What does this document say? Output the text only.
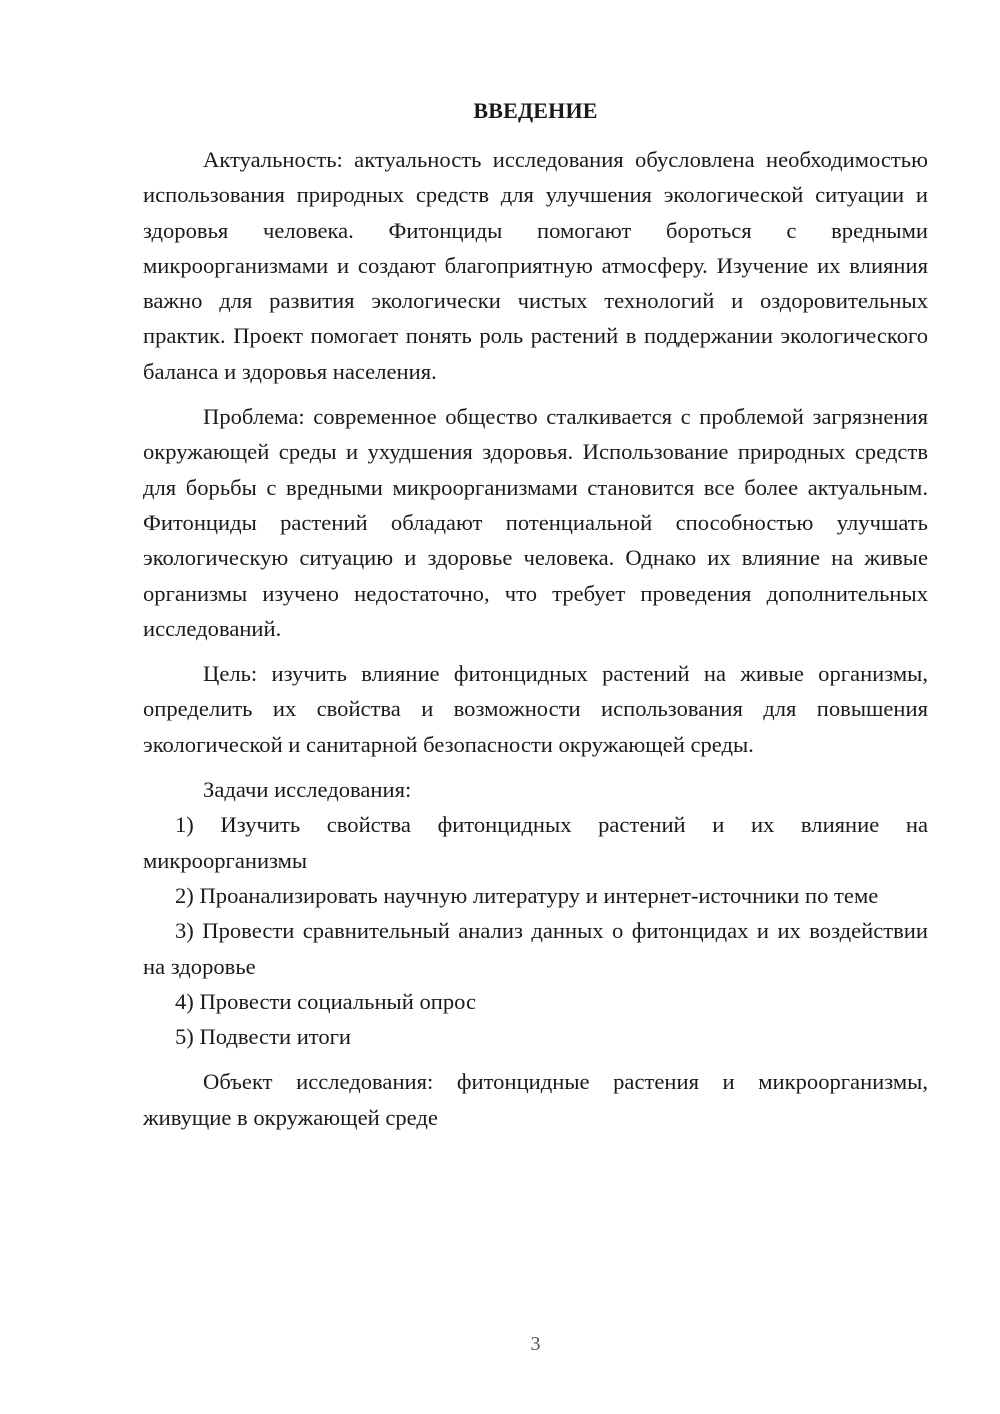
ВВЕДЕНИЕ

Актуальность: актуальность исследования обусловлена необходимостью использования природных средств для улучшения экологической ситуации и здоровья человека. Фитонциды помогают бороться с вредными микроорганизмами и создают благоприятную атмосферу. Изучение их влияния важно для развития экологически чистых технологий и оздоровительных практик. Проект помогает понять роль растений в поддержании экологического баланса и здоровья населения.

Проблема: современное общество сталкивается с проблемой загрязнения окружающей среды и ухудшения здоровья. Использование природных средств для борьбы с вредными микроорганизмами становится все более актуальным. Фитонциды растений обладают потенциальной способностью улучшать экологическую ситуацию и здоровье человека. Однако их влияние на живые организмы изучено недостаточно, что требует проведения дополнительных исследований.

Цель: изучить влияние фитонцидных растений на живые организмы, определить их свойства и возможности использования для повышения экологической и санитарной безопасности окружающей среды.

Задачи исследования:

1) Изучить свойства фитонцидных растений и их влияние на микроорганизмы

2) Проанализировать научную литературу и интернет-источники по теме

3) Провести сравнительный анализ данных о фитонцидах и их воздействии на здоровье

4) Провести социальный опрос

5) Подвести итоги

Объект исследования: фитонцидные растения и микроорганизмы, живущие в окружающей среде

3
